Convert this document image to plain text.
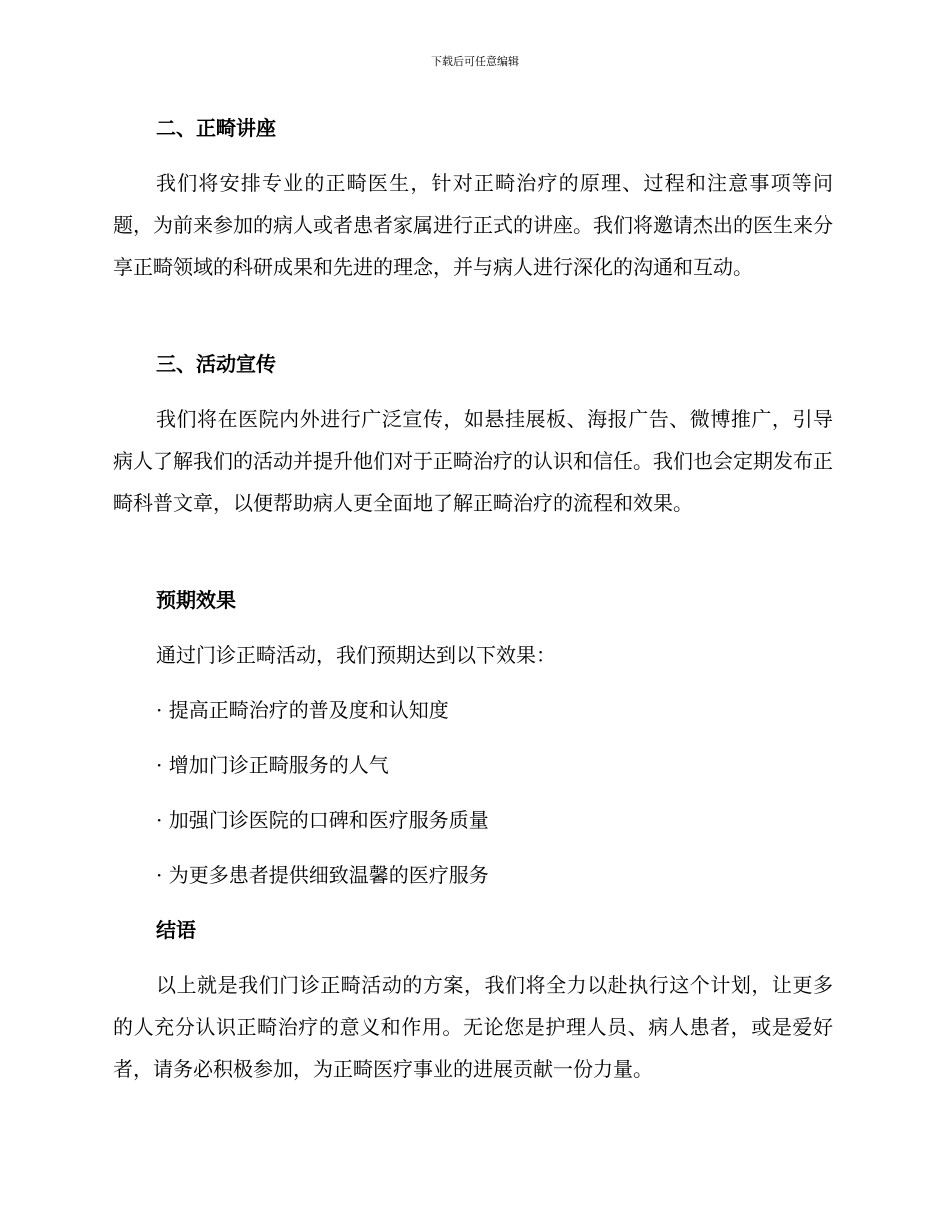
下载后可任意编辑
二、正畸讲座
我们将安排专业的正畸医生，针对正畸治疗的原理、过程和注意事项等问题，为前来参加的病人或者患者家属进行正式的讲座。我们将邀请杰出的医生来分享正畸领域的科研成果和先进的理念，并与病人进行深化的沟通和互动。
三、活动宣传
我们将在医院内外进行广泛宣传，如悬挂展板、海报广告、微博推广，引导病人了解我们的活动并提升他们对于正畸治疗的认识和信任。我们也会定期发布正畸科普文章，以便帮助病人更全面地了解正畸治疗的流程和效果。
预期效果
通过门诊正畸活动，我们预期达到以下效果：
· 提高正畸治疗的普及度和认知度
· 增加门诊正畸服务的人气
· 加强门诊医院的口碑和医疗服务质量
· 为更多患者提供细致温馨的医疗服务
结语
以上就是我们门诊正畸活动的方案，我们将全力以赴执行这个计划，让更多的人充分认识正畸治疗的意义和作用。无论您是护理人员、病人患者，或是爱好者，请务必积极参加，为正畸医疗事业的进展贡献一份力量。
